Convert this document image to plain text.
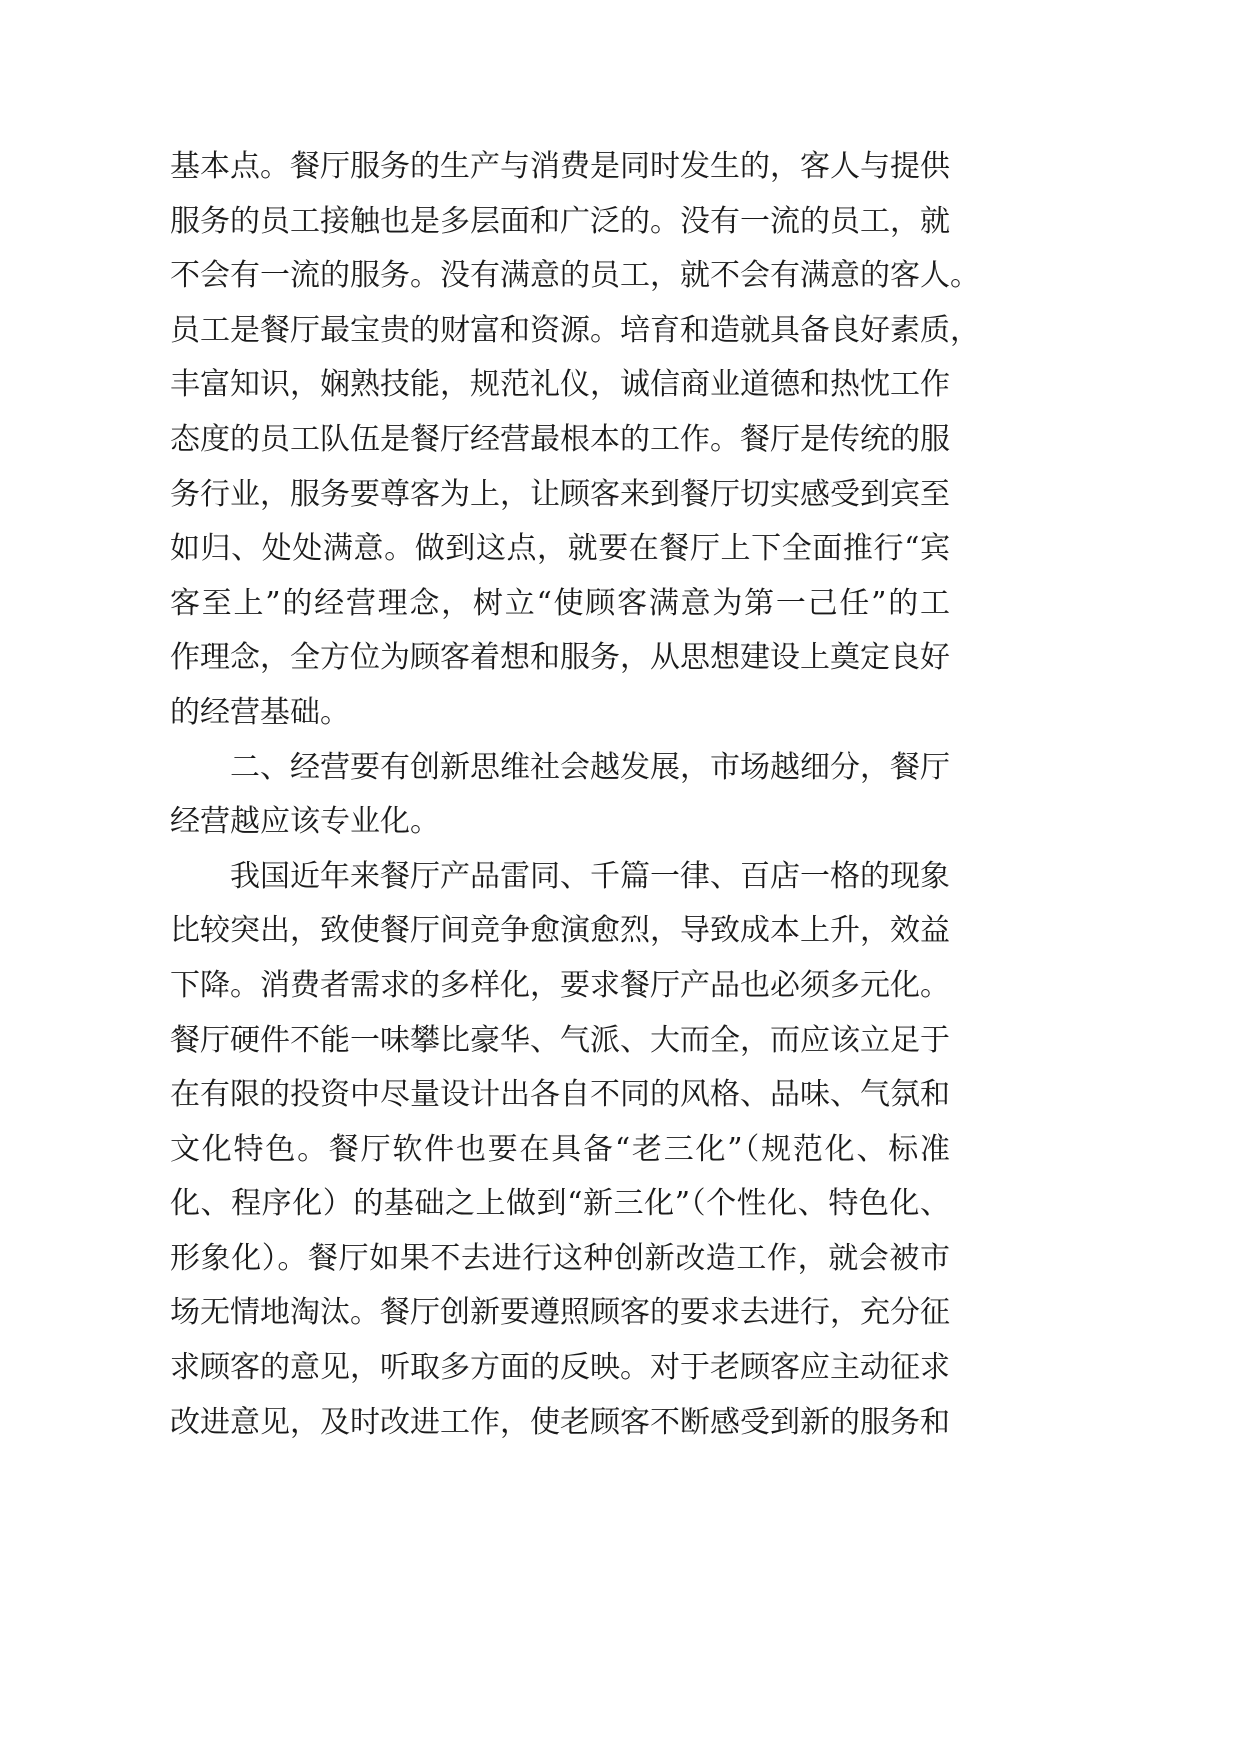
基本点。餐厅服务的生产与消费是同时发生的，客人与提供
服务的员工接触也是多层面和广泛的。没有一流的员工，就
不会有一流的服务。没有满意的员工，就不会有满意的客人。
员工是餐厅最宝贵的财富和资源。培育和造就具备良好素质，
丰富知识，娴熟技能，规范礼仪，诚信商业道德和热忱工作
态度的员工队伍是餐厅经营最根本的工作。餐厅是传统的服
务行业，服务要尊客为上，让顾客来到餐厅切实感受到宾至
如归、处处满意。做到这点，就要在餐厅上下全面推行“宾
客至上”的经营理念，树立“使顾客满意为第一己任”的工
作理念，全方位为顾客着想和服务，从思想建设上奠定良好
的经营基础。
二、经营要有创新思维社会越发展，市场越细分，餐厅
经营越应该专业化。
我国近年来餐厅产品雷同、千篇一律、百店一格的现象
比较突出，致使餐厅间竞争愈演愈烈，导致成本上升，效益
下降。消费者需求的多样化，要求餐厅产品也必须多元化。
餐厅硬件不能一味攀比豪华、气派、大而全，而应该立足于
在有限的投资中尽量设计出各自不同的风格、品味、气氛和
文化特色。餐厅软件也要在具备“老三化”（规范化、标准
化、程序化）的基础之上做到“新三化”（个性化、特色化、
形象化）。餐厅如果不去进行这种创新改造工作，就会被市
场无情地淘汰。餐厅创新要遵照顾客的要求去进行，充分征
求顾客的意见，听取多方面的反映。对于老顾客应主动征求
改进意见，及时改进工作，使老顾客不断感受到新的服务和
